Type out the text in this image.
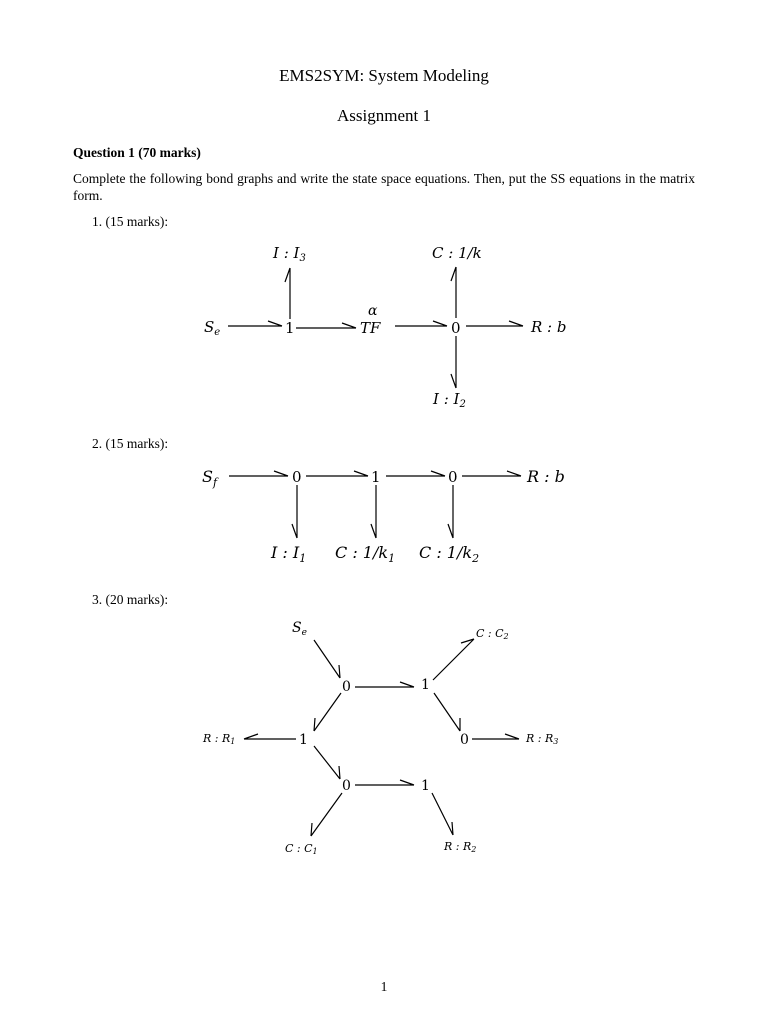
EMS2SYM: System Modeling
Assignment 1
Question 1 (70 marks)
Complete the following bond graphs and write the state space equations. Then, put the SS equations in the matrix form.
1. (15 marks):
2. (15 marks):
3. (20 marks):
$S_e$	1
α
TF	0
I : $I_3$	C : 1/k
R : b
I : $I_2$
$S_f$	0	1	0	R : b
I : $I_1$ C : $1/k_1$ C : $1/k_2$
$S_e$	C : C2
0	1
1	0
0	1
R : R1	R : R3
C : C1	R : R2
1
